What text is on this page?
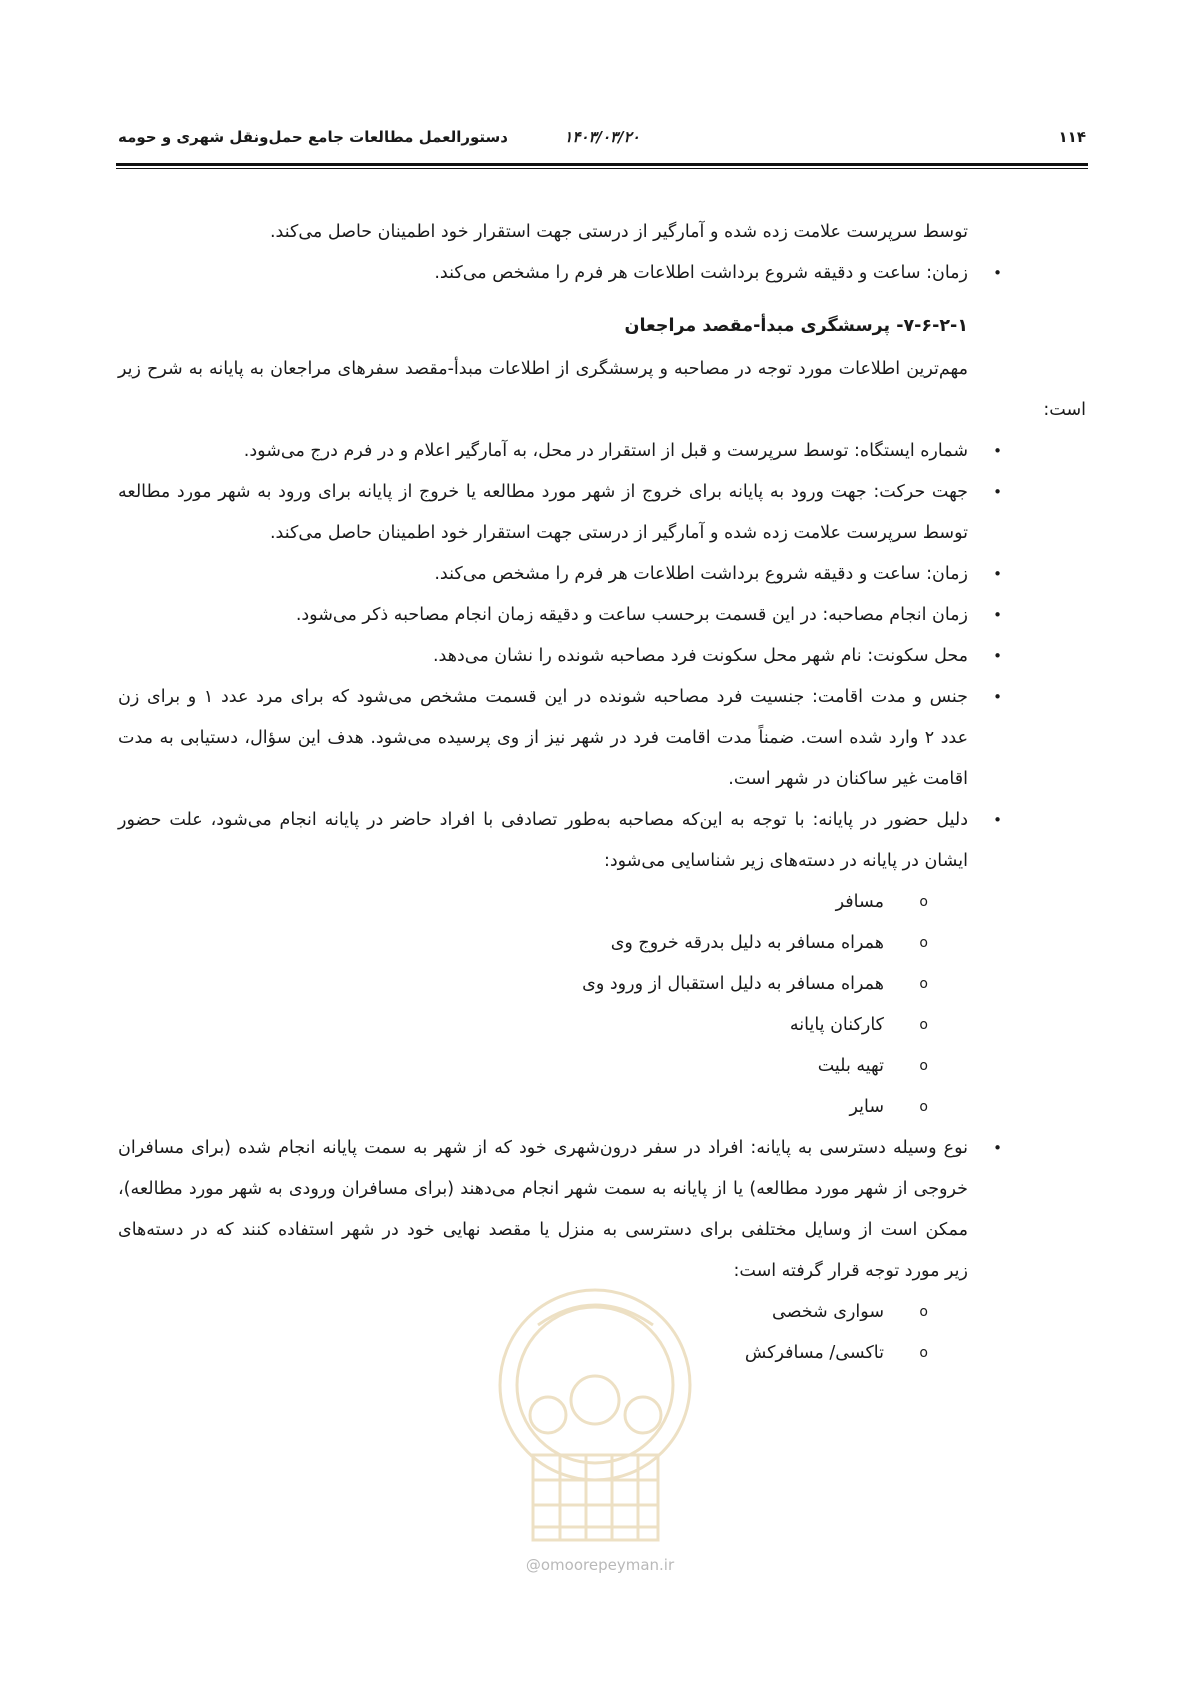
۱۱۴
۱۴۰۳/۰۳/۲۰
دستورالعمل مطالعات جامع حمل‌ونقل شهری و حومه

توسط سرپرست علامت زده شده و آمارگیر از درستی جهت استقرار خود اطمینان حاصل می‌کند.

•
زمان: ساعت و دقیقه شروع برداشت اطلاعات هر فرم را مشخص می‌کند.

۷-۶-۲-۱- پرسشگری مبدأ-مقصد مراجعان

مهم‌ترین اطلاعات مورد توجه در مصاحبه و پرسشگری از اطلاعات مبدأ-مقصد سفرهای مراجعان به پایانه به شرح زیر

است:

•
شماره ایستگاه: توسط سرپرست و قبل از استقرار در محل، به آمارگیر اعلام و در فرم درج می‌شود.

•
جهت حرکت: جهت ورود به پایانه برای خروج از شهر مورد مطالعه یا خروج از پایانه برای ورود به شهر مورد مطالعه

توسط سرپرست علامت زده شده و آمارگیر از درستی جهت استقرار خود اطمینان حاصل می‌کند.

•
زمان: ساعت و دقیقه شروع برداشت اطلاعات هر فرم را مشخص می‌کند.

•
زمان انجام مصاحبه: در این قسمت برحسب ساعت و دقیقه زمان انجام مصاحبه ذکر می‌شود.

•
محل سکونت: نام شهر محل سکونت فرد مصاحبه شونده را نشان می‌دهد.

•
جنس و مدت اقامت: جنسیت فرد مصاحبه شونده در این قسمت مشخص می‌شود که برای مرد عدد ۱ و برای زن

عدد ۲ وارد شده است. ضمناً مدت اقامت فرد در شهر نیز از وی پرسیده می‌شود. هدف این سؤال، دستیابی به مدت

اقامت غیر ساکنان در شهر است.

•
دلیل حضور در پایانه: با توجه به این‌که مصاحبه به‌طور تصادفی با افراد حاضر در پایانه انجام می‌شود، علت حضور

ایشان در پایانه در دسته‌های زیر شناسایی می‌شود:

o
مسافر

o
همراه مسافر به دلیل بدرقه خروج وی

o
همراه مسافر به دلیل استقبال از ورود وی

o
کارکنان پایانه

o
تهیه بلیت

o
سایر

•
نوع وسیله دسترسی به پایانه: افراد در سفر درون‌شهری خود که از شهر به سمت پایانه انجام شده (برای مسافران

خروجی از شهر مورد مطالعه) یا از پایانه به سمت شهر انجام می‌دهند (برای مسافران ورودی به شهر مورد مطالعه)،

ممکن است از وسایل مختلفی برای دسترسی به منزل یا مقصد نهایی خود در شهر استفاده کنند که در دسته‌های

زیر مورد توجه قرار گرفته است:

o
سواری شخصی

o
تاکسی/ مسافرکش

@omoorepeyman.ir
